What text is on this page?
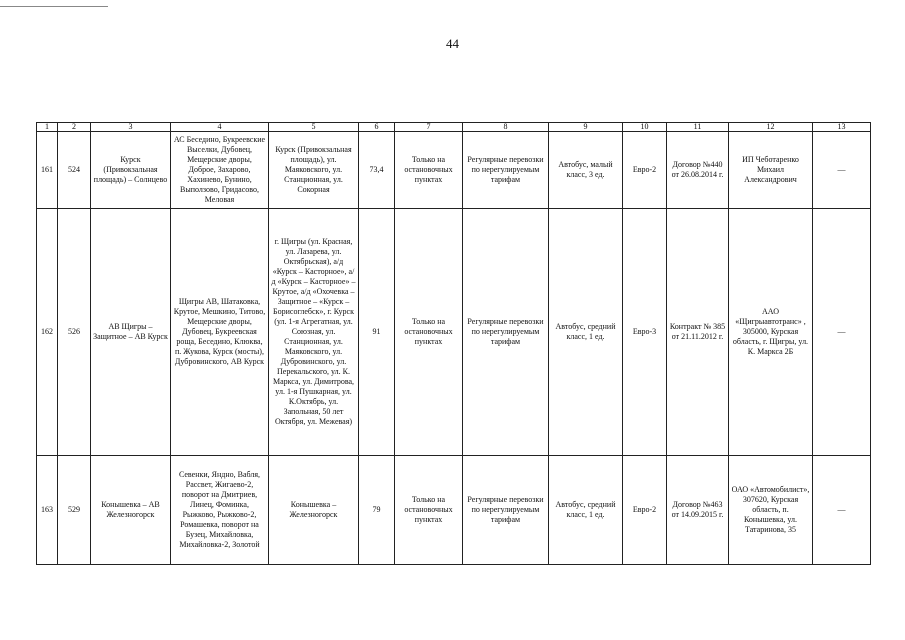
44
1	2	3	4	5	6	7	8	9	10	11	12	13
161	524	Курск (Привокзальная площадь) – Солнцево	АС Беседино, Букреевские Выселки, Дубовец, Мещерские дворы, Доброе, Захарово, Хахинево, Бунино, Выползово, Гридасово, Меловая	Курск (Привокзальная площадь), ул. Маяковского, ул. Станционная, ул. Сокорная	73,4	Только на остановочных пунктах	Регулярные перевозки по нерегулируемым тарифам	Автобус, малый класс, 3 ед.	Евро-2	Договор №440 от 26.08.2014 г.	ИП Чеботаренко Михаил Александрович	—
162	526	АВ Щигры – Защитное – АВ Курск	Щигры АВ, Шатаковка, Крутое, Мешкино, Титово, Мещерские дворы, Дубовец, Букреевская роща, Беседино, Клюква, п. Жукова, Курск (мосты), Дубровинского, АВ Курск	г. Щигры (ул. Красная, ул. Лазарева, ул. Октябрьская), а/д «Курск – Касторное», а/д «Курск – Касторное» – Крутое, а/д «Охочевка – Защитное – «Курск – Борисоглебск», г. Курск (ул. 1-я Агрегатная, ул. Союзная, ул. Станционная, ул. Маяковского, ул. Дубровинского, ул. Перекальского, ул. К. Маркса, ул. Димитрова, ул. 1-я Пушкарная, ул. К.Октябрь, ул. Запольная, 50 лет Октября, ул. Межевая)	91	Только на остановочных пунктах	Регулярные перевозки по нерегулируемым тарифам	Автобус, средний класс, 1 ед.	Евро-3	Контракт № 385 от 21.11.2012 г.	ААО «Щигрыавтотранс» , 305000, Курская область, г. Щигры, ул. К. Маркса 2Б	—
163	529	Конышевка – АВ Железногорск	Севенки, Яндно, Вабля, Рассвет, Жигаево-2, поворот на Дмитриев, Линец, Фоминка, Рыжково, Рыжково-2, Ромашевка, поворот на Бузец, Михайловка, Михайловка-2, Золотой	Конышевка – Железногорск	79	Только на остановочных пунктах	Регулярные перевозки по нерегулируемым тарифам	Автобус, средний класс, 1 ед.	Евро-2	Договор №463 от 14.09.2015 г.	ОАО «Автомобилист», 307620, Курская область, п. Конышевка, ул. Татаринова, 35	—
